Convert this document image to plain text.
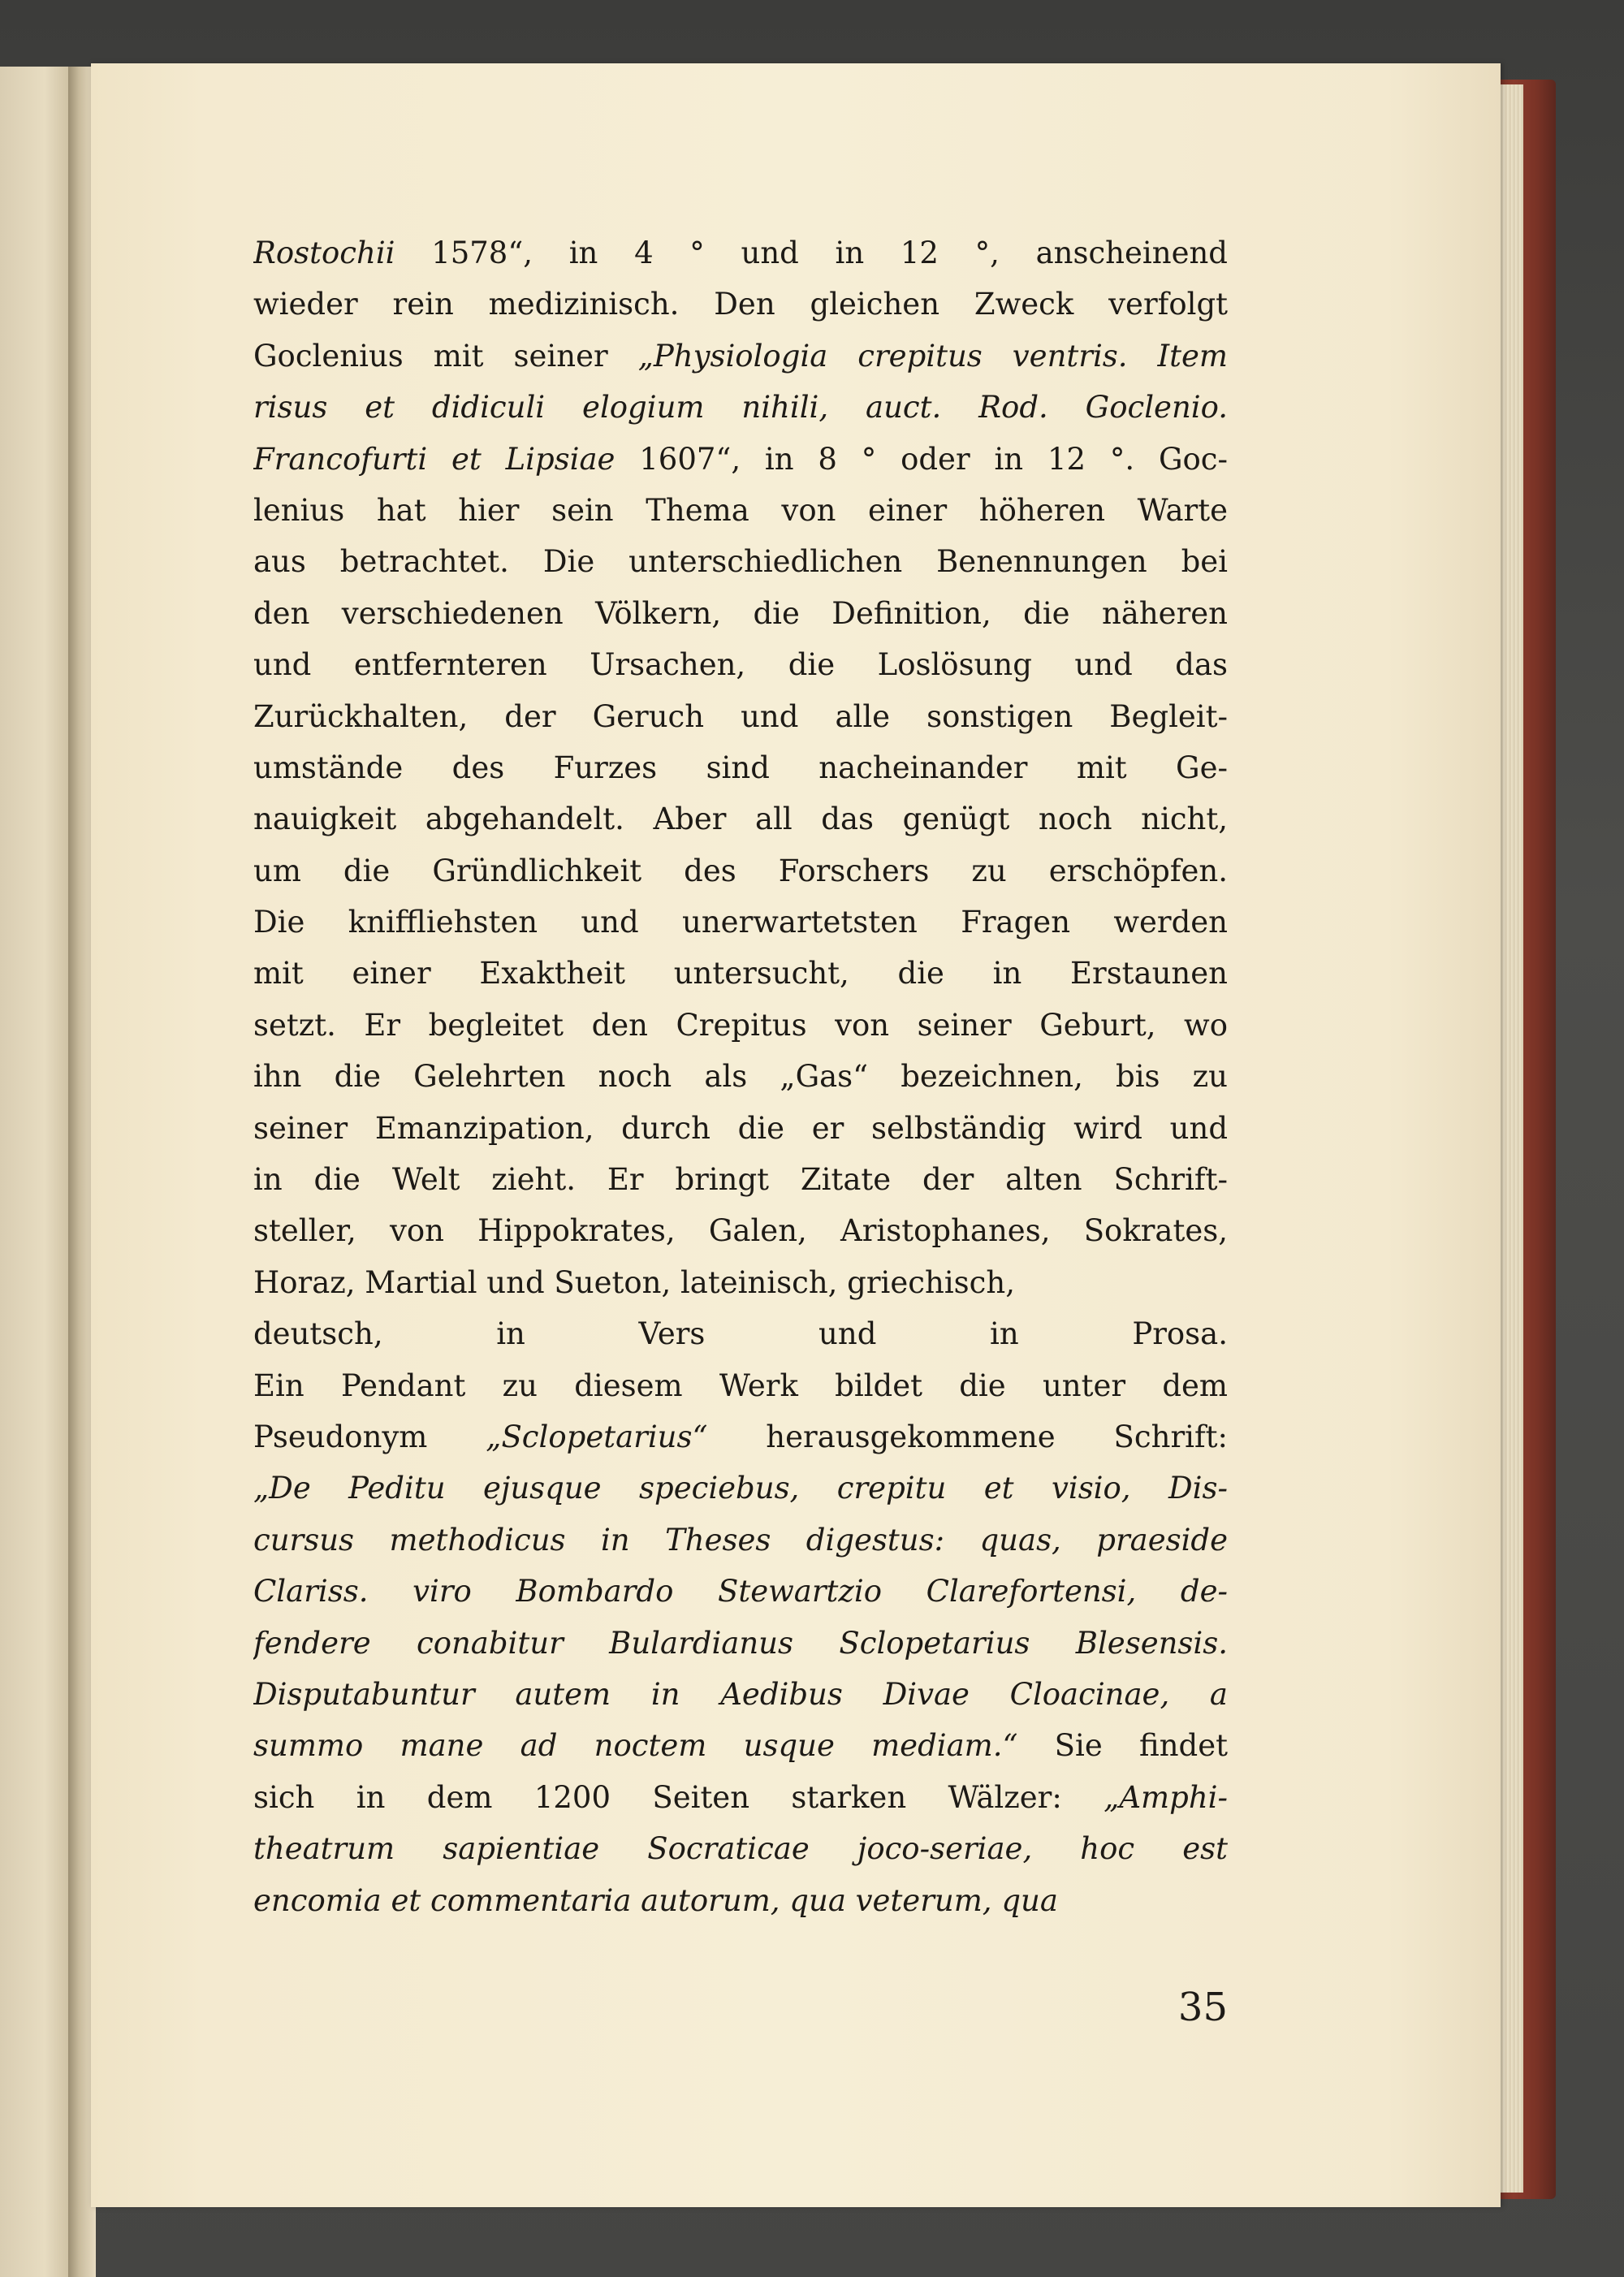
Rostochii 1578“, in 4 ° und in 12 °, anscheinend
wieder rein medizinisch. Den gleichen Zweck verfolgt
Goclenius mit seiner „Physiologia crepitus ventris. Item
risus et didiculi elogium nihili, auct. Rod. Goclenio.
Francofurti et Lipsiae 1607“, in 8 ° oder in 12 °. Goc-
lenius hat hier sein Thema von einer höheren Warte
aus betrachtet. Die unterschiedlichen Benennungen bei
den verschiedenen Völkern, die Definition, die näheren
und entfernteren Ursachen, die Loslösung und das
Zurückhalten, der Geruch und alle sonstigen Begleit-
umstände des Furzes sind nacheinander mit Ge-
nauigkeit abgehandelt. Aber all das genügt noch nicht,
um die Gründlichkeit des Forschers zu erschöpfen.
Die kniffliehsten und unerwartetsten Fragen werden
mit einer Exaktheit untersucht, die in Erstaunen
setzt. Er begleitet den Crepitus von seiner Geburt, wo
ihn die Gelehrten noch als „Gas“ bezeichnen, bis zu
seiner Emanzipation, durch die er selbständig wird und
in die Welt zieht. Er bringt Zitate der alten Schrift-
steller, von Hippokrates, Galen, Aristophanes, Sokrates,
Horaz, Martial und Sueton, lateinisch, griechisch,
deutsch, in Vers und in Prosa.
Ein Pendant zu diesem Werk bildet die unter dem
Pseudonym „Sclopetarius“ herausgekommene Schrift:
„De Peditu ejusque speciebus, crepitu et visio, Dis-
cursus methodicus in Theses digestus: quas, praeside
Clariss. viro Bombardo Stewartzio Clarefortensi, de-
fendere conabitur Bulardianus Sclopetarius Blesensis.
Disputabuntur autem in Aedibus Divae Cloacinae, a
summo mane ad noctem usque mediam.“ Sie findet
sich in dem 1200 Seiten starken Wälzer: „Amphi-
theatrum sapientiae Socraticae joco-seriae, hoc est
encomia et commentaria autorum, qua veterum, qua
35
